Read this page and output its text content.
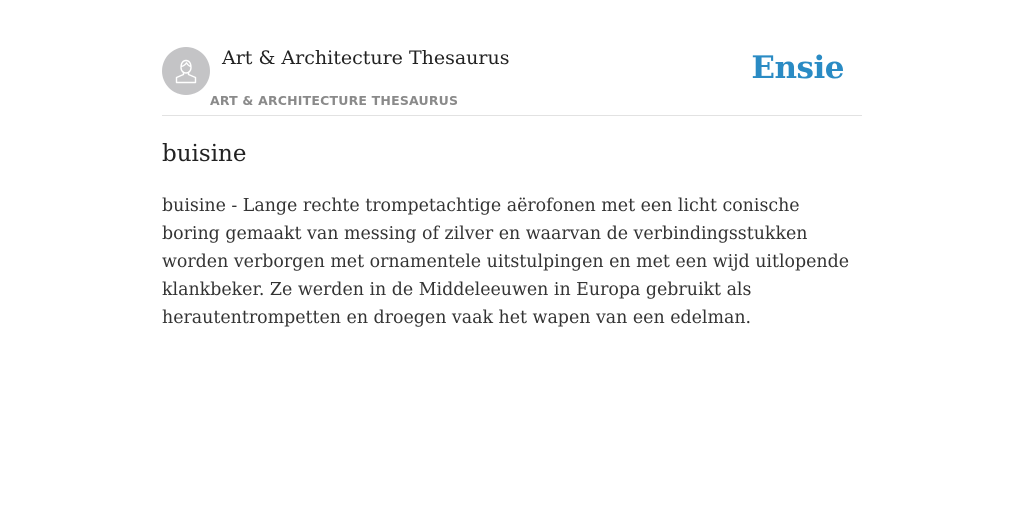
Art & Architecture Thesaurus
ART & ARCHITECTURE THESAURUS
Ensie
buisine

buisine - Lange rechte trompetachtige aërofonen met een licht conische boring gemaakt van messing of zilver en waarvan de verbindingsstukken worden verborgen met ornamentele uitstulpingen en met een wijd uitlopende klankbeker. Ze werden in de Middeleeuwen in Europa gebruikt als herautentrompetten en droegen vaak het wapen van een edelman.
